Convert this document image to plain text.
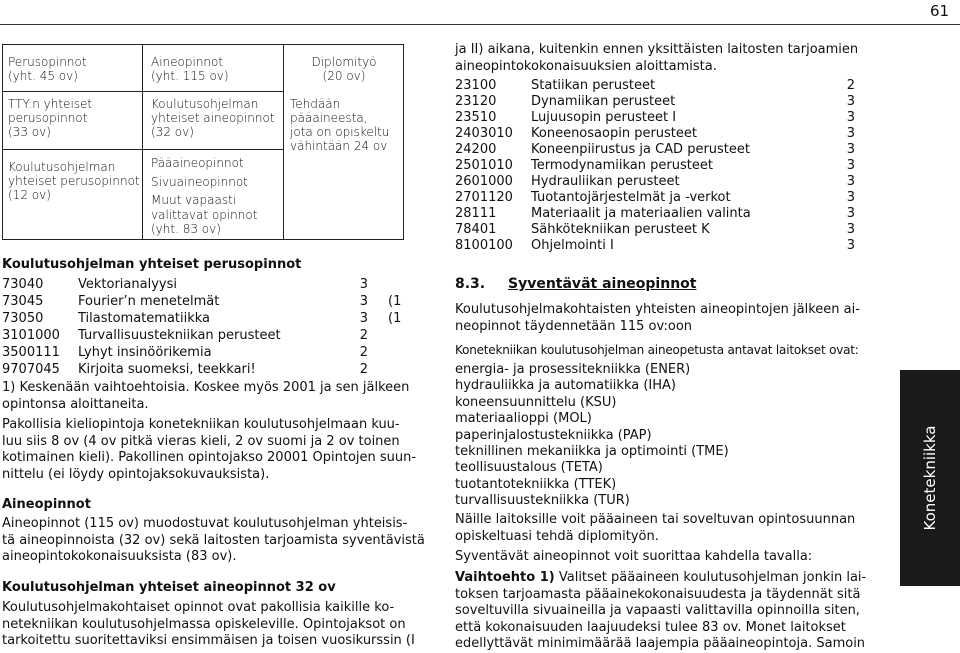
61
Perusopinnot
(yht. 45 ov)
TTY:n yhteiset
perusopinnot
(33 ov)
Koulutusohjelman
yhteiset perusopinnot
(12 ov)
Aineopinnot
(yht. 115 ov)
Koulutusohjelman
yhteiset aineopinnot
(32 ov)
Pääaineopinnot
Sivuaineopinnot
Muut vapaasti
valittavat opinnot
(yht. 83 ov)
Diplomityö
(20 ov)
Tehdään
pääaineesta,
jota on opiskeltu
vähintään 24 ov
Koulutusohjelman yhteiset perusopinnot
73040	Vektorianalyysi	3
73045	Fourier’n menetelmät	3 (1
73050	Tilastomatematiikka	3 (1
3101000 Turvallisuustekniikan perusteet	2
3500111 Lyhyt insinöörikemia	2
9707045 Kirjoita suomeksi, teekkari!	2
1) Keskenään vaihtoehtoisia. Koskee myös 2001 ja sen jälkeen
opintonsa aloittaneita.
Pakollisia kieliopintoja konetekniikan koulutusohjelmaan kuu-
luu siis 8 ov (4 ov pitkä vieras kieli, 2 ov suomi ja 2 ov toinen
kotimainen kieli). Pakollinen opintojakso 20001 Opintojen suun-
nittelu (ei löydy opintojaksokuvauksista).
Aineopinnot
Aineopinnot (115 ov) muodostuvat koulutusohjelman yhteisis-
tä aineopinnoista (32 ov) sekä laitosten tarjoamista syventävistä
aineopintokokonaisuuksista (83 ov).
Koulutusohjelman yhteiset aineopinnot 32 ov
Koulutusohjelmakohtaiset opinnot ovat pakollisia kaikille ko-
netekniikan koulutusohjelmassa opiskeleville. Opintojaksot on
tarkoitettu suoritettaviksi ensimmäisen ja toisen vuosikurssin (I
ja II) aikana, kuitenkin ennen yksittäisten laitosten tarjoamien
aineopintokokonaisuuksien aloittamista.
23100	Statiikan perusteet	2
23120	Dynamiikan perusteet	3
23510	Lujuusopin perusteet I	3
2403010 Koneenosaopin perusteet	3
24200	Koneenpiirustus ja CAD perusteet	3
2501010 Termodynamiikan perusteet	3
2601000 Hydrauliikan perusteet	3
2701120 Tuotantojärjestelmät ja -verkot	3
28111	Materiaalit ja materiaalien valinta	3
78401	Sähkötekniikan perusteet K	3
8100100 Ohjelmointi I	3
8.3. Syventävät aineopinnot
Koulutusohjelmakohtaisten yhteisten aineopintojen jälkeen ai-
neopinnot täydennetään 115 ov:oon
Konetekniikan koulutusohjelman aineopetusta antavat laitokset ovat:
energia- ja prosessitekniikka (ENER)
hydrauliikka ja automatiikka (IHA)
koneensuunnittelu (KSU)
materiaalioppi (MOL)
paperinjalostustekniikka (PAP)
teknillinen mekaniikka ja optimointi (TME)
teollisuustalous (TETA)
tuotantotekniikka (TTEK)
turvallisuustekniikka (TUR)
Näille laitoksille voit pääaineen tai soveltuvan opintosuunnan
opiskeltuasi tehdä diplomityön.
Syventävät aineopinnot voit suorittaa kahdella tavalla:
Vaihtoehto 1) Valitset pääaineen koulutusohjelman jonkin lai-
toksen tarjoamasta pääainekokonaisuudesta ja täydennät sitä
soveltuvilla sivuaineilla ja vapaasti valittavilla opinnoilla siten,
että kokonaisuuden laajuudeksi tulee 83 ov. Monet laitokset
edellyttävät minimimäärää laajempia pääaineopintoja. Samoin
Konetekniikka
